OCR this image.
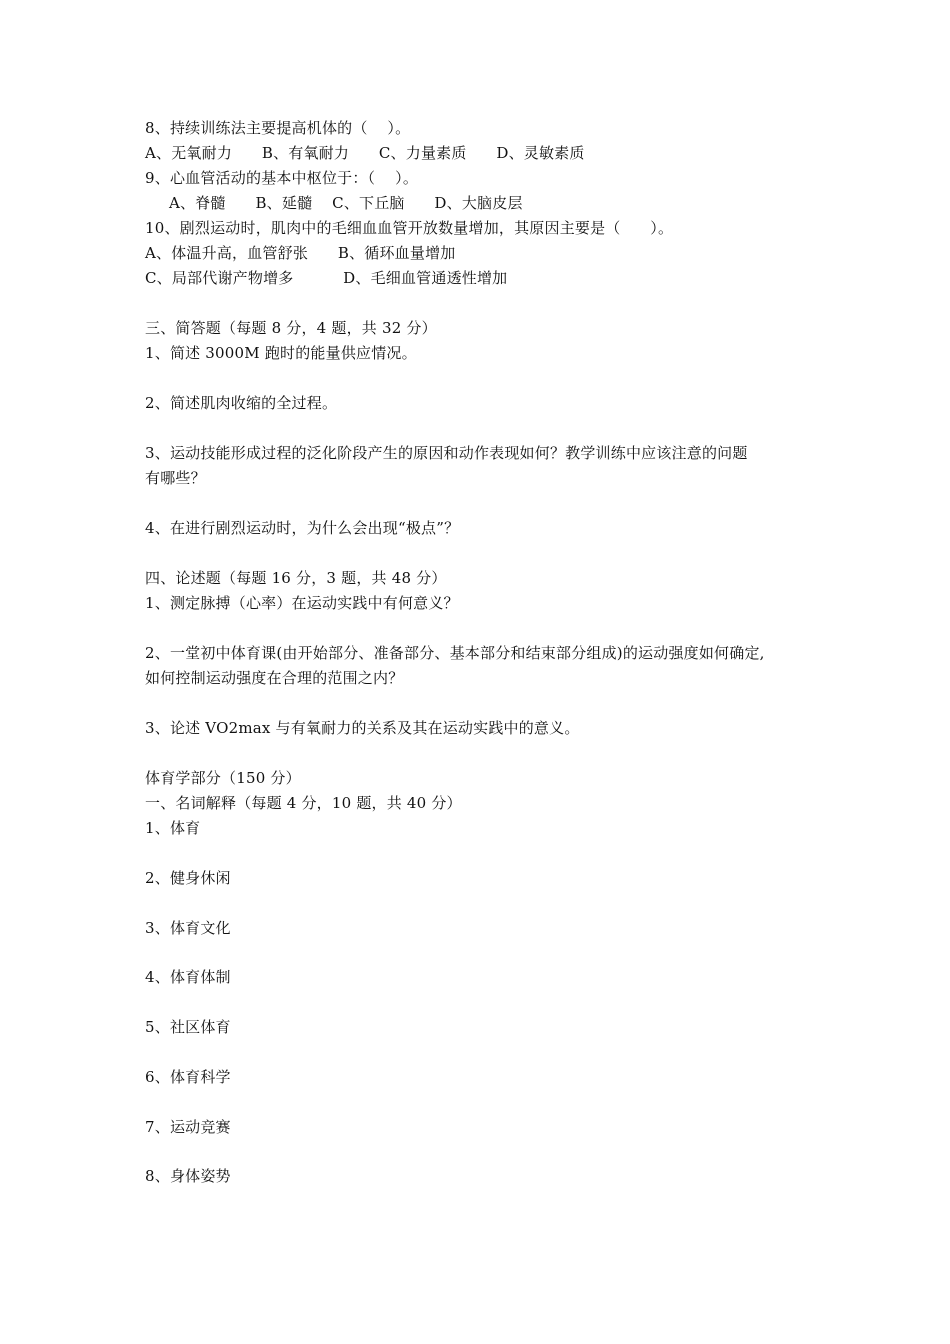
8、持续训练法主要提高机体的（    ）。
A、无氧耐力      B、有氧耐力      C、力量素质      D、灵敏素质
9、心血管活动的基本中枢位于：（    ）。
A、脊髓      B、延髓    C、下丘脑      D、大脑皮层
10、剧烈运动时，肌肉中的毛细血血管开放数量增加，其原因主要是（      ）。
A、体温升高，血管舒张      B、循环血量增加
C、局部代谢产物增多          D、毛细血管通透性增加
三、简答题（每题 8 分，4 题，共 32 分）
1、简述 3000M 跑时的能量供应情况。
2、简述肌肉收缩的全过程。
3、运动技能形成过程的泛化阶段产生的原因和动作表现如何？教学训练中应该注意的问题
有哪些？
4、在进行剧烈运动时，为什么会出现“极点”？
四、论述题（每题 16 分，3 题，共 48 分）
1、测定脉搏（心率）在运动实践中有何意义？
2、一堂初中体育课(由开始部分、准备部分、基本部分和结束部分组成)的运动强度如何确定,
如何控制运动强度在合理的范围之内？
3、论述 VO2max 与有氧耐力的关系及其在运动实践中的意义。
体育学部分（150 分）
一、名词解释（每题 4 分，10 题，共 40 分）
1、体育
2、健身休闲
3、体育文化
4、体育体制
5、社区体育
6、体育科学
7、运动竞赛
8、身体姿势
